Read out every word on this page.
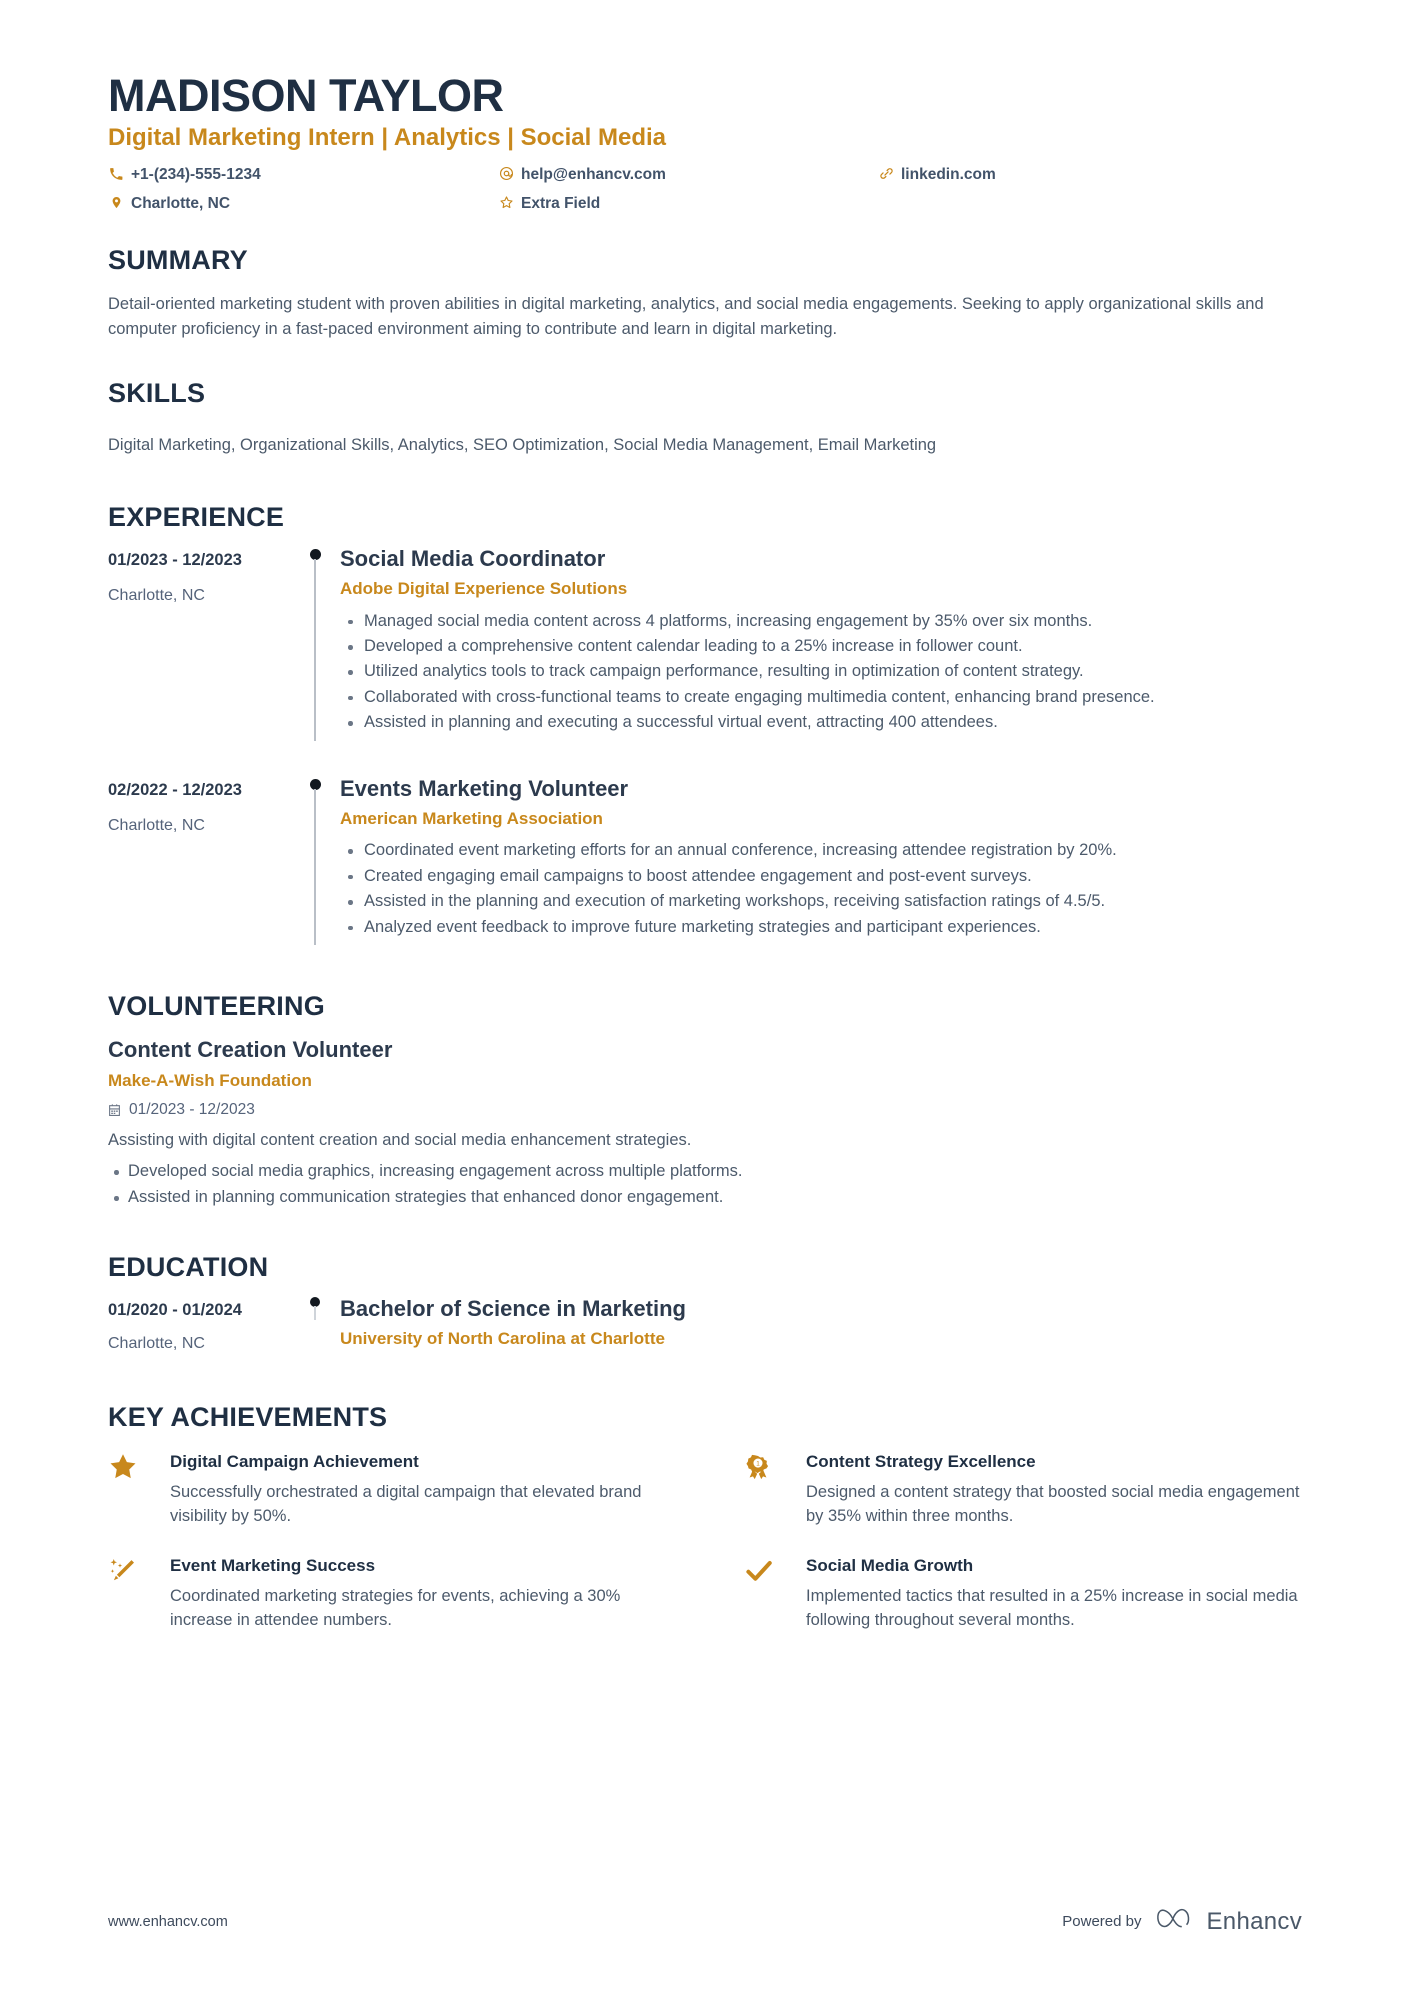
MADISON TAYLOR
Digital Marketing Intern | Analytics | Social Media
+1-(234)-555-1234	help@enhancv.com	linkedin.com
Charlotte, NC	Extra Field
SUMMARY

Detail-oriented marketing student with proven abilities in digital marketing, analytics, and social media engagements. Seeking to apply organizational skills and computer proficiency in a fast-paced environment aiming to contribute and learn in digital marketing.

SKILLS

Digital Marketing, Organizational Skills, Analytics, SEO Optimization, Social Media Management, Email Marketing

EXPERIENCE
01/2023 - 12/2023
Charlotte, NC
Social Media Coordinator
Adobe Digital Experience Solutions
Managed social media content across 4 platforms, increasing engagement by 35% over six months.
Developed a comprehensive content calendar leading to a 25% increase in follower count.
Utilized analytics tools to track campaign performance, resulting in optimization of content strategy.
Collaborated with cross-functional teams to create engaging multimedia content, enhancing brand presence.
Assisted in planning and executing a successful virtual event, attracting 400 attendees.
02/2022 - 12/2023
Charlotte, NC
Events Marketing Volunteer
American Marketing Association
Coordinated event marketing efforts for an annual conference, increasing attendee registration by 20%.
Created engaging email campaigns to boost attendee engagement and post-event surveys.
Assisted in the planning and execution of marketing workshops, receiving satisfaction ratings of 4.5/5.
Analyzed event feedback to improve future marketing strategies and participant experiences.
VOLUNTEERING
Content Creation Volunteer
Make-A-Wish Foundation
01/2023 - 12/2023

Assisting with digital content creation and social media enhancement strategies.

Developed social media graphics, increasing engagement across multiple platforms.
Assisted in planning communication strategies that enhanced donor engagement.
EDUCATION
01/2020 - 01/2024
Charlotte, NC
Bachelor of Science in Marketing
University of North Carolina at Charlotte
KEY ACHIEVEMENTS
Digital Campaign Achievement

Successfully orchestrated a digital campaign that elevated brand visibility by 50%.

1	Content Strategy Excellence

Designed a content strategy that boosted social media engagement by 35% within three months.

Event Marketing Success

Coordinated marketing strategies for events, achieving a 30% increase in attendee numbers.

Social Media Growth

Implemented tactics that resulted in a 25% increase in social media following throughout several months.

www.enhancv.com	Powered by	Enhancv
